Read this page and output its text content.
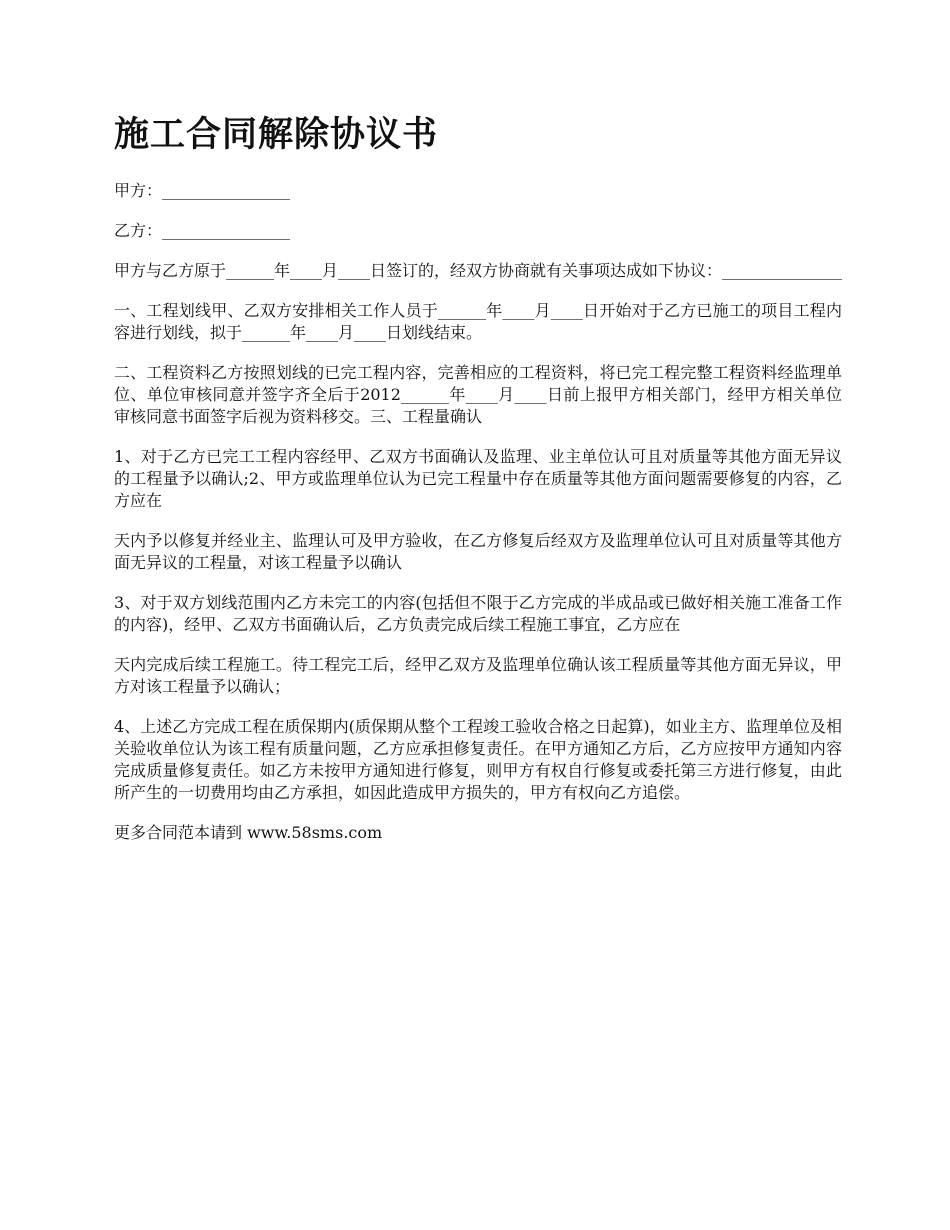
施工合同解除协议书

甲方：________________

乙方：________________

甲方与乙方原于______年____月____日签订的，经双方协商就有关事项达成如下协议：_______________

一、工程划线甲、乙双方安排相关工作人员于______年____月____日开始对于乙方已施工的项目工程内容进行划线，拟于______年____月____日划线结束。

二、工程资料乙方按照划线的已完工程内容，完善相应的工程资料，将已完工程完整工程资料经监理单位、单位审核同意并签字齐全后于2012______年____月____日前上报甲方相关部门，经甲方相关单位审核同意书面签字后视为资料移交。三、工程量确认

1、对于乙方已完工工程内容经甲、乙双方书面确认及监理、业主单位认可且对质量等其他方面无异议的工程量予以确认;2、甲方或监理单位认为已完工程量中存在质量等其他方面问题需要修复的内容，乙方应在

天内予以修复并经业主、监理认可及甲方验收，在乙方修复后经双方及监理单位认可且对质量等其他方面无异议的工程量，对该工程量予以确认

3、对于双方划线范围内乙方未完工的内容(包括但不限于乙方完成的半成品或已做好相关施工准备工作的内容)，经甲、乙双方书面确认后，乙方负责完成后续工程施工事宜，乙方应在

天内完成后续工程施工。待工程完工后，经甲乙双方及监理单位确认该工程质量等其他方面无异议，甲方对该工程量予以确认；

4、上述乙方完成工程在质保期内(质保期从整个工程竣工验收合格之日起算)，如业主方、监理单位及相关验收单位认为该工程有质量问题，乙方应承担修复责任。在甲方通知乙方后，乙方应按甲方通知内容完成质量修复责任。如乙方未按甲方通知进行修复，则甲方有权自行修复或委托第三方进行修复，由此所产生的一切费用均由乙方承担，如因此造成甲方损失的，甲方有权向乙方追偿。

更多合同范本请到 www.58sms.com
